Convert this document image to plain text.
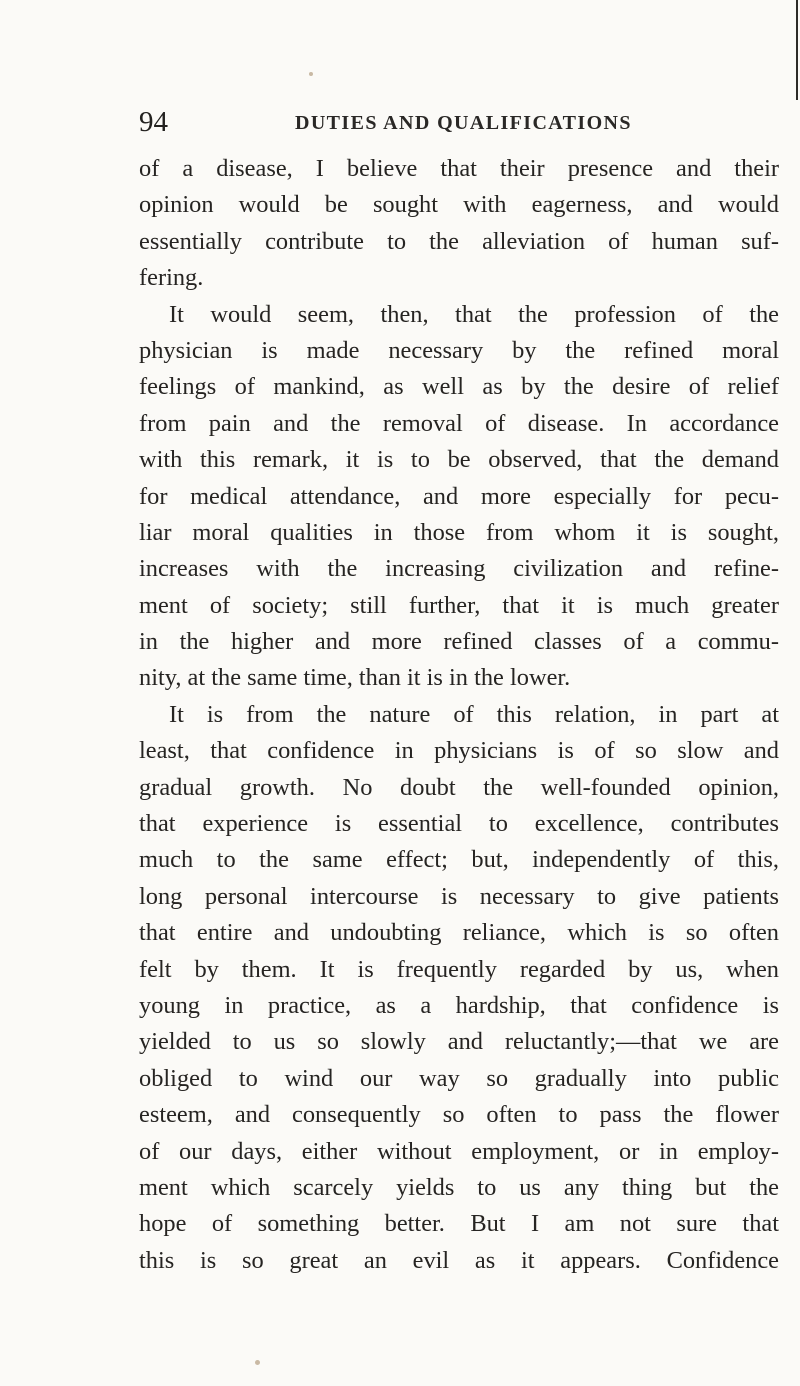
94	DUTIES AND QUALIFICATIONS
of a disease, I believe that their presence and their
opinion would be sought with eagerness, and would
essentially contribute to the alleviation of human suf-
fering.
It would seem, then, that the profession of the
physician is made necessary by the refined moral
feelings of mankind, as well as by the desire of relief
from pain and the removal of disease. In accordance
with this remark, it is to be observed, that the demand
for medical attendance, and more especially for pecu-
liar moral qualities in those from whom it is sought,
increases with the increasing civilization and refine-
ment of society; still further, that it is much greater
in the higher and more refined classes of a commu-
nity, at the same time, than it is in the lower.
It is from the nature of this relation, in part at
least, that confidence in physicians is of so slow and
gradual growth. No doubt the well-founded opinion,
that experience is essential to excellence, contributes
much to the same effect; but, independently of this,
long personal intercourse is necessary to give patients
that entire and undoubting reliance, which is so often
felt by them. It is frequently regarded by us, when
young in practice, as a hardship, that confidence is
yielded to us so slowly and reluctantly;—that we are
obliged to wind our way so gradually into public
esteem, and consequently so often to pass the flower
of our days, either without employment, or in employ-
ment which scarcely yields to us any thing but the
hope of something better. But I am not sure that
this is so great an evil as it appears. Confidence
